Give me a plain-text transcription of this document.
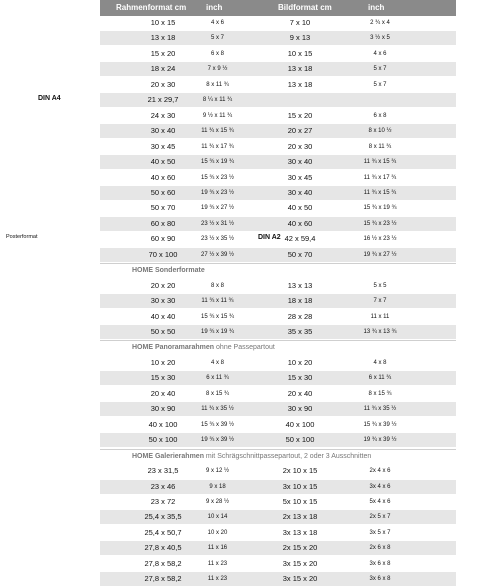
Rahmenformat cm inch	Bildformat cm	inch
10 x 15	4 x 6	7 x 10	2 ¾ x 4
13 x 18	5 x 7	9 x 13	3 ½ x 5
15 x 20	6 x 8	10 x 15	4 x 6
18 x 24	7 x 9 ½	13 x 18	5 x 7
20 x 30	8 x 11 ¾	13 x 18	5 x 7
DIN A4	21 x 29,7	8 ¼ x 11 ¾
24 x 30	9 ½ x 11 ¾	15 x 20	6 x 8
30 x 40	11 ¾ x 15 ¾	20 x 27	8 x 10 ½
30 x 45	11 ¾ x 17 ¾	20 x 30	8 x 11 ¾
40 x 50	15 ¾ x 19 ¾	30 x 40	11 ¾ x 15 ¾
40 x 60	15 ¾ x 23 ½	30 x 45	11 ¾ x 17 ¾
50 x 60	19 ¾ x 23 ½	30 x 40	11 ¾ x 15 ¾
50 x 70	19 ¾ x 27 ½	40 x 50	15 ¾ x 19 ¾
60 x 80	23 ½ x 31 ½	40 x 60	15 ¾ x 23 ½
Posterformat	DIN A2
60 x 90	23 ½ x 35 ½	42 x 59,4	16 ½ x 23 ½
70 x 100	27 ½ x 39 ½	50 x 70	19 ¾ x 27 ½
HOME Sonderformate
20 x 20	8 x 8	13 x 13	5 x 5
30 x 30	11 ¾ x 11 ¾	18 x 18	7 x 7
40 x 40	15 ¾ x 15 ¾	28 x 28	11 x 11
50 x 50	19 ¾ x 19 ¾	35 x 35	13 ¾ x 13 ¾
HOME Panoramarahmen ohne Passepartout
10 x 20	4 x 8	10 x 20	4 x 8
15 x 30	6 x 11 ¾	15 x 30	6 x 11 ¾
20 x 40	8 x 15 ¾	20 x 40	8 x 15 ¾
30 x 90	11 ¾ x 35 ½	30 x 90	11 ¾ x 35 ½
40 x 100	15 ¾ x 39 ½	40 x 100	15 ¾ x 39 ½
50 x 100	19 ¾ x 39 ½	50 x 100	19 ¾ x 39 ½
HOME Galerierahmen mit Schrägschnittpassepartout, 2 oder 3 Ausschnitten
23 x 31,5	9 x 12 ½	2x 10 x 15	2x 4 x 6
23 x 46	9 x 18	3x 10 x 15	3x 4 x 6
23 x 72	9 x 28 ½	5x 10 x 15	5x 4 x 6
25,4 x 35,5	10 x 14	2x 13 x 18	2x 5 x 7
25,4 x 50,7	10 x 20	3x 13 x 18	3x 5 x 7
27,8 x 40,5	11 x 16	2x 15 x 20	2x 6 x 8
27,8 x 58,2	11 x 23	3x 15 x 20	3x 6 x 8
27,8 x 58,2	11 x 23	3x 15 x 20	3x 6 x 8
